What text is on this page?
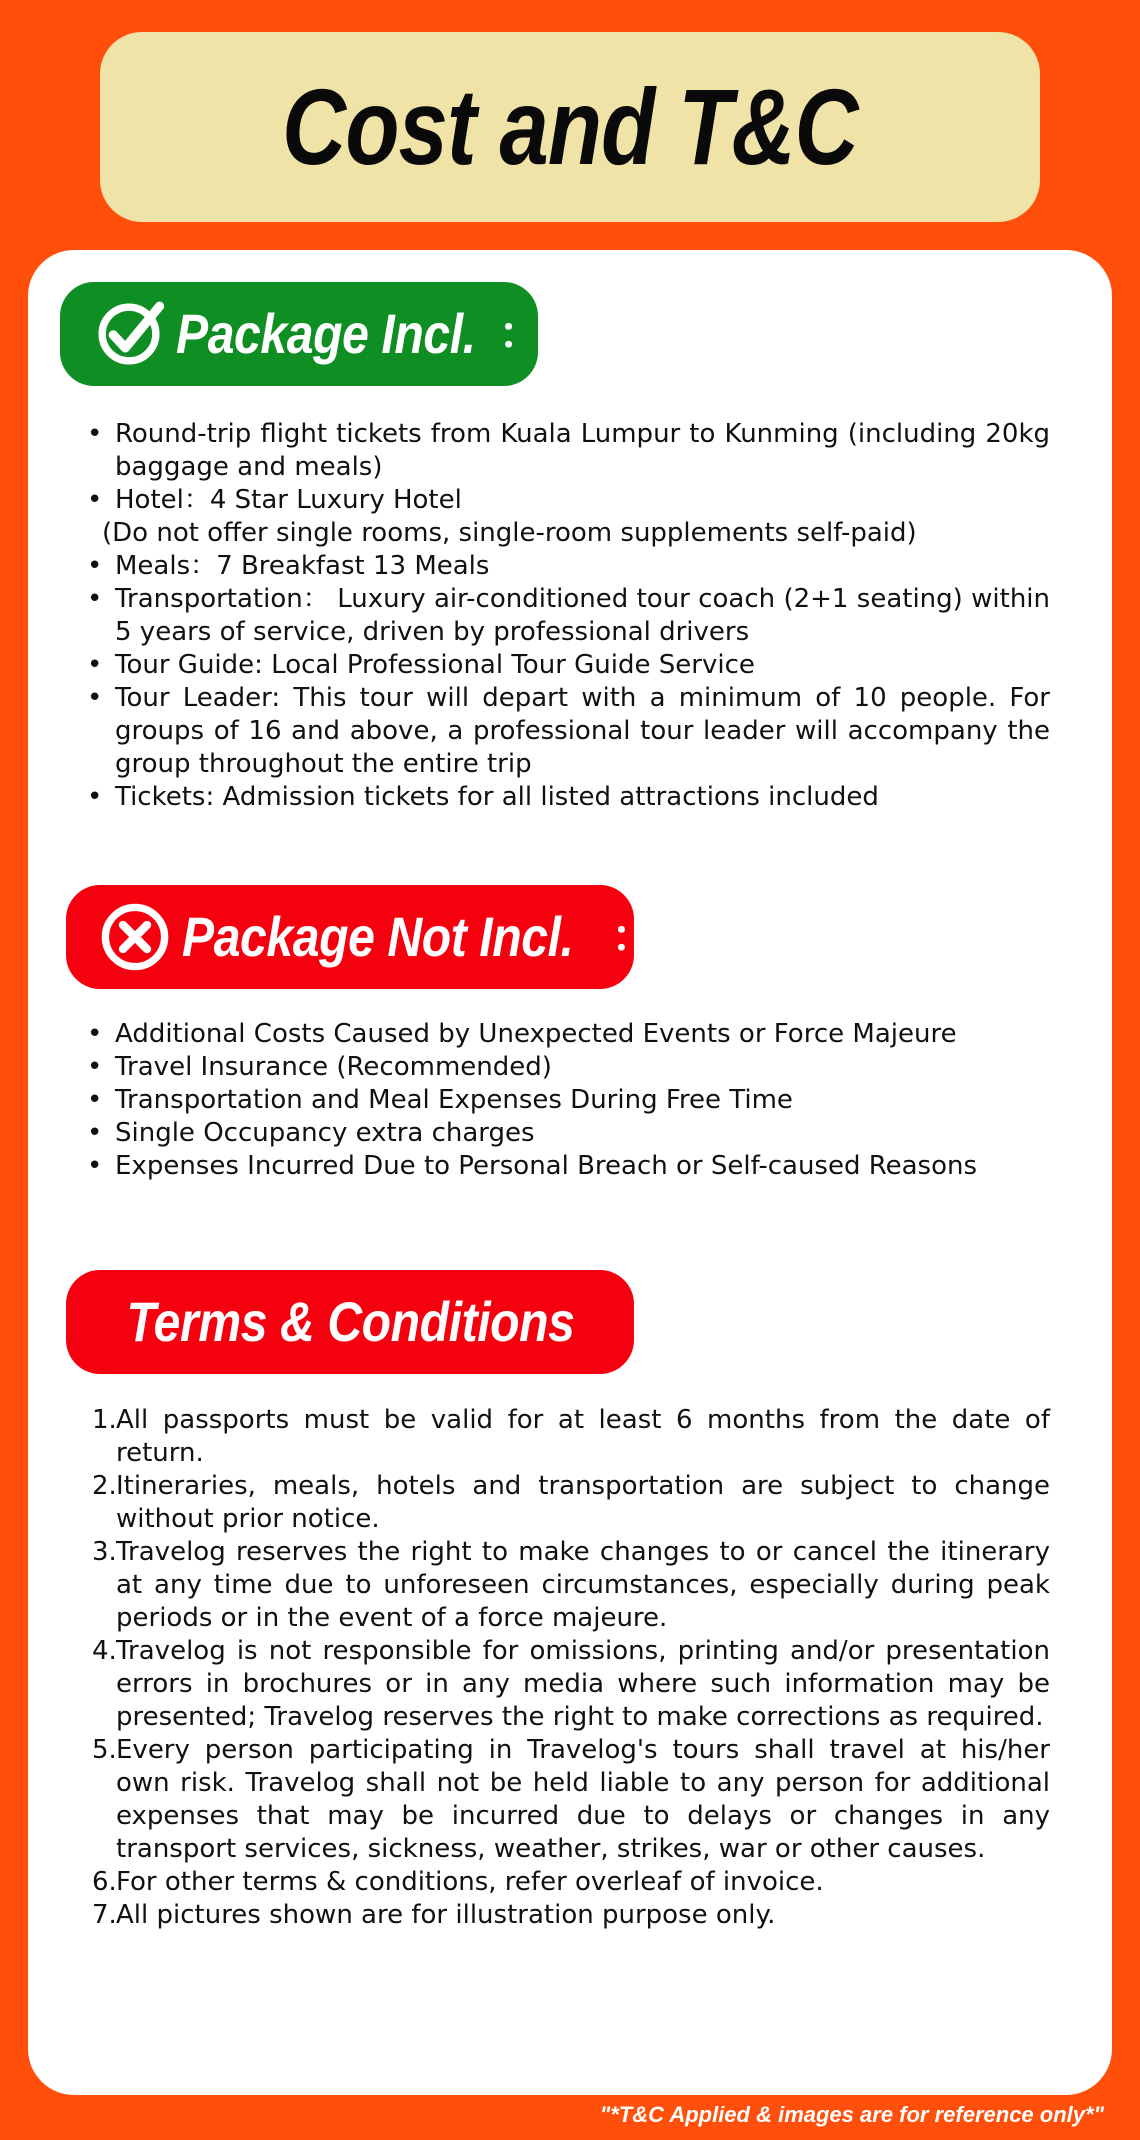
Cost and T&C
Package Incl. ：
• Round-trip flight tickets from Kuala Lumpur to Kunming (including 20kg baggage and meals)
• Hotel：4 Star Luxury Hotel
(Do not offer single rooms, single-room supplements self-paid)
• Meals：7 Breakfast 13 Meals
• Transportation： Luxury air-conditioned tour coach (2+1 seating) within 5 years of service, driven by professional drivers
• Tour Guide: Local Professional Tour Guide Service
• Tour Leader: This tour will depart with a minimum of 10 people. For groups of 16 and above, a professional tour leader will accompany the group throughout the entire trip
• Tickets: Admission tickets for all listed attractions included
Package Not Incl. ：
• Additional Costs Caused by Unexpected Events or Force Majeure
• Travel Insurance (Recommended)
• Transportation and Meal Expenses During Free Time
• Single Occupancy extra charges
• Expenses Incurred Due to Personal Breach or Self-caused Reasons
Terms & Conditions
1. All passports must be valid for at least 6 months from the date of return.
2. Itineraries, meals, hotels and transportation are subject to change without prior notice.
3. Travelog reserves the right to make changes to or cancel the itinerary at any time due to unforeseen circumstances, especially during peak periods or in the event of a force majeure.
4. Travelog is not responsible for omissions, printing and/or presentation errors in brochures or in any media where such information may be presented; Travelog reserves the right to make corrections as required.
5. Every person participating in Travelog's tours shall travel at his/her own risk. Travelog shall not be held liable to any person for additional expenses that may be incurred due to delays or changes in any transport services, sickness, weather, strikes, war or other causes.
6. For other terms & conditions, refer overleaf of invoice.
7. All pictures shown are for illustration purpose only.
"*T&C Applied & images are for reference only*"
